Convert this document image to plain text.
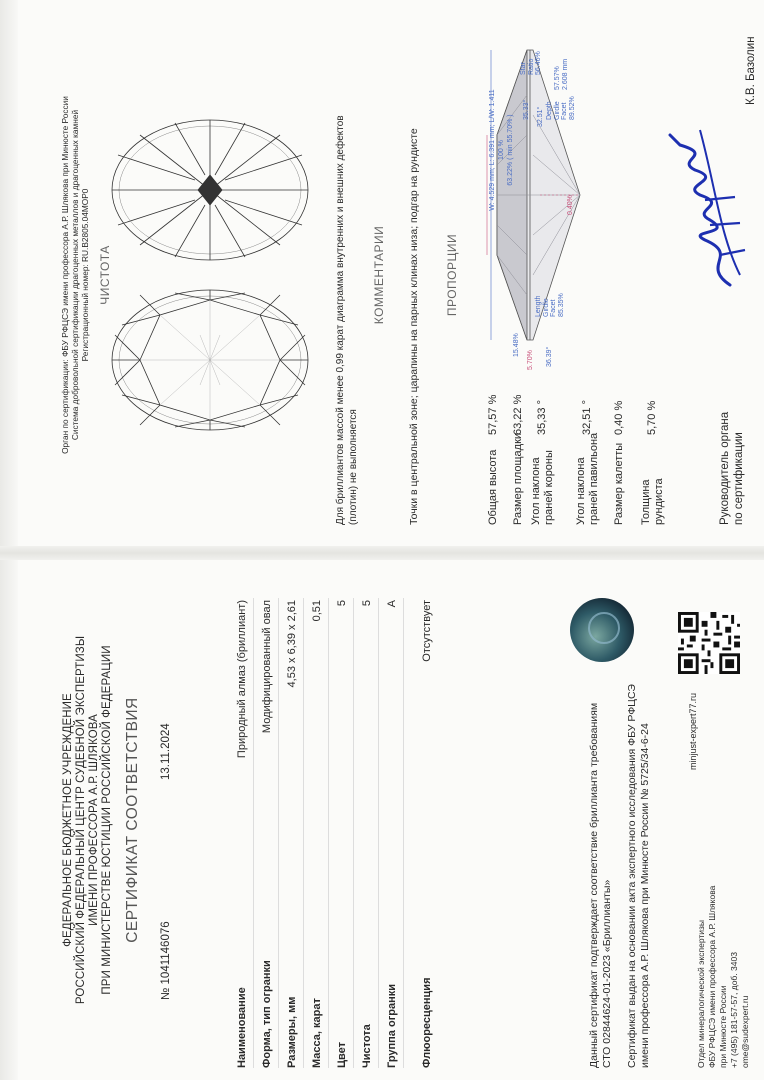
ФЕДЕРАЛЬНОЕ БЮДЖЕТНОЕ УЧРЕЖДЕНИЕ РОССИЙСКИЙ ФЕДЕРАЛЬНЫЙ ЦЕНТР СУДЕБНОЙ ЭКСПЕРТИЗЫ ИМЕНИ ПРОФЕССОРА А.Р. ШЛЯКОВА ПРИ МИНИСТЕРСТВЕ ЮСТИЦИИ РОССИЙСКОЙ ФЕДЕРАЦИИ СЕРТИФИКАТ СООТВЕТСТВИЯ
№ 1041146076
13.11.2024
Наименование
Природный алмаз (бриллиант)
Форма, тип огранки
Модифицированный овал
Размеры, мм
4,53 x 6,39 x 2,61
Масса, карат
0,51
Цвет
5
Чистота
5
Группа огранки
A
Флюоресценция
Отсутствует
Данный сертификат подтверждает соответствие бриллианта требованиям СТО 02844624-01-2023 «Бриллианты» Сертификат выдан на основании акта экспертного исследования ФБУ РФЦСЭ имени профессора А.Р. Шлякова при Минюсте России № 5725/34-6-24	minjust-expert77.ru
Отдел минералогической экспертизы ФБУ РФЦСЭ имени профессора А.Р. Шлякова при Минюсте России +7 (495) 181-57-57, доб. 3403 ome@sudexpert.ru
Орган по сертификации: ФБУ РФЦСЭ имени профессора А.Р. Шлякова при Минюсте России Система добровольной сертификации драгоценных металлов и драгоценных камней Регистрационный номер: RU.B2805.04МОР0 ЧИСТОТА	Для бриллиантов массой менее 0,99 карат диаграмма внутренних и внешних дефектов (плотин) не выполняется
КОММЕНТАРИИ Точки в центральной зоне; царапины на парных клинах низа; подгар на рундисте ПРОПОРЦИИ
Общая высота
57,57 %
Размер площадки
63,22 %
Угол наклона граней короны
35,33 °
Угол наклона граней павильона
32,51 °
Размер калетты
0,40 %
Толщина рундиста
5,70 %
W: 4.529 mm; L: 6.391 mm; L/W: 1.411 100 % 63.22% ( min 55.70% )
15.48%
5.70% 36.39°
Length Girdle Facet 85.35%
0.40%
35.33° 32.51°
Star Ratio 56.46%
Depth Girdle Facet 89.52%
57.57% 2.608 mm
Руководитель органа по сертификации
К.В. Базолин
